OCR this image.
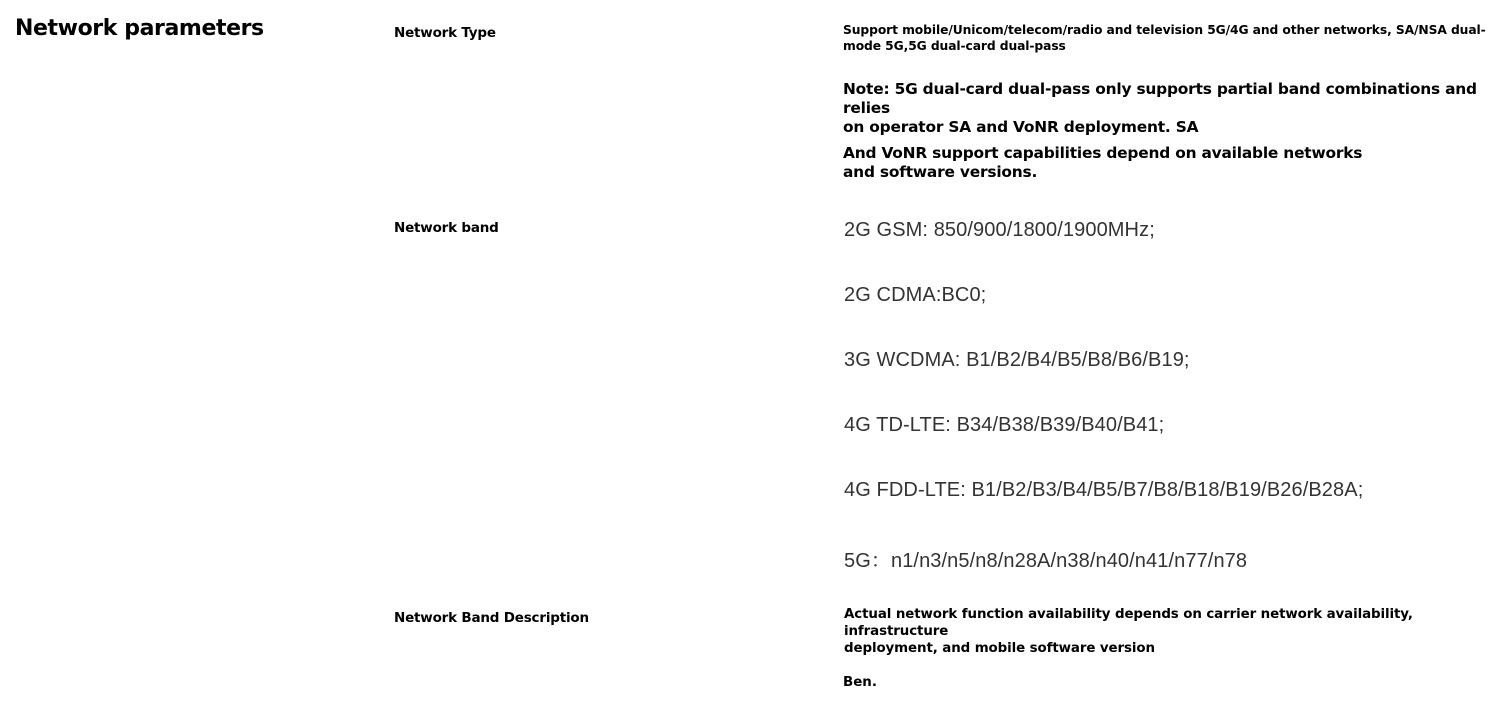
Network parameters	Network Type	Support mobile/Unicom/telecom/radio and television 5G/4G and other networks, SA/NSA dual-
mode 5G,5G dual-card dual-pass
Note: 5G dual-card dual-pass only supports partial band combinations and relies
on operator SA and VoNR deployment. SA
And VoNR support capabilities depend on available networks
and software versions.
Network band	2G GSM: 850/900/1800/1900MHz;
2G CDMA:BC0;
3G WCDMA: B1/B2/B4/B5/B8/B6/B19;
4G TD-LTE: B34/B38/B39/B40/B41;
4G FDD-LTE: B1/B2/B3/B4/B5/B7/B8/B18/B19/B26/B28A;
5G：n1/n3/n5/n8/n28A/n38/n40/n41/n77/n78
Network Band Description	Actual network function availability depends on carrier network availability, infrastructure
deployment, and mobile software version
Ben.
